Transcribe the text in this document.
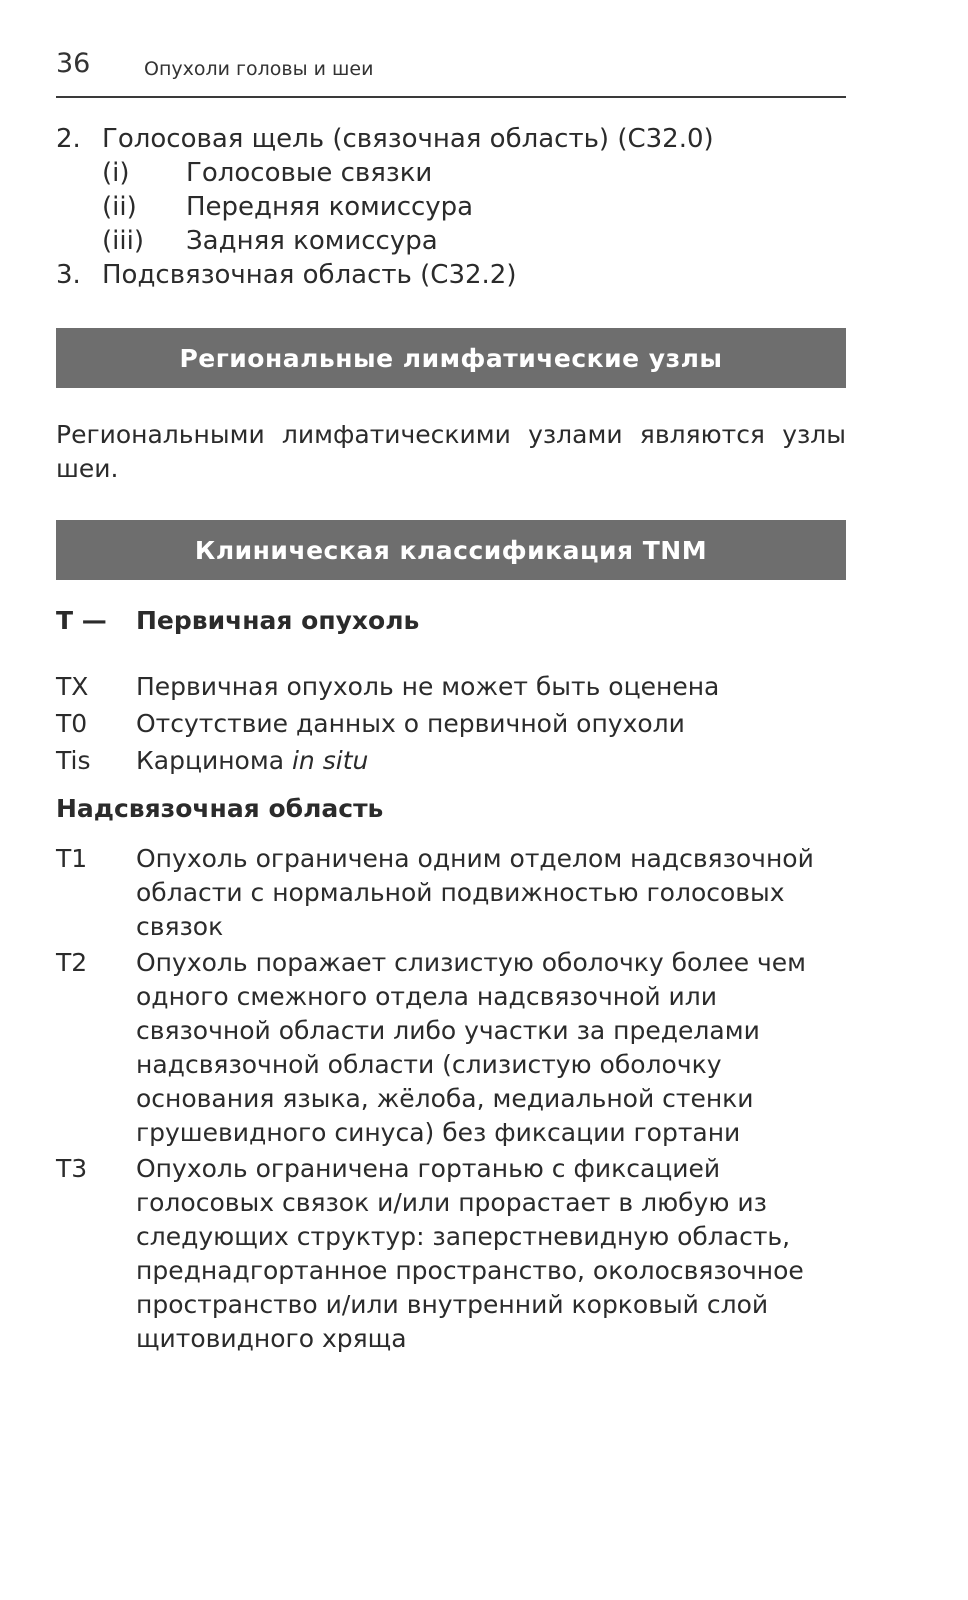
36	Опухоли головы и шеи
2. Голосовая щель (связочная область) (С32.0)
(i) Голосовые связки
(ii) Передняя комиссура
(iii) Задняя комиссура
3. Подсвязочная область (С32.2)
Региональные лимфатические узлы
Региональными лимфатическими узлами являются узлы шеи.
Клиническая классификация TNM
Т — Первичная опухоль
TX Первичная опухоль не может быть оценена
T0 Отсутствие данных о первичной опухоли
Tis Карцинома in situ
Надсвязочная область
T1 Опухоль ограничена одним отделом надсвязочной области с нормальной подвижностью голосовых связок
T2 Опухоль поражает слизистую оболочку более чем одного смежного отдела надсвязочной или связочной области либо участки за пределами надсвязочной области (слизистую оболочку основания языка, жёлоба, медиальной стенки грушевидного синуса) без фиксации гортани
T3 Опухоль ограничена гортанью с фиксацией голосовых связок и/или прорастает в любую из следующих структур: заперстневидную область, преднадгортанное пространство, околосвязочное пространство и/или внутренний корковый слой щитовидного хряща
